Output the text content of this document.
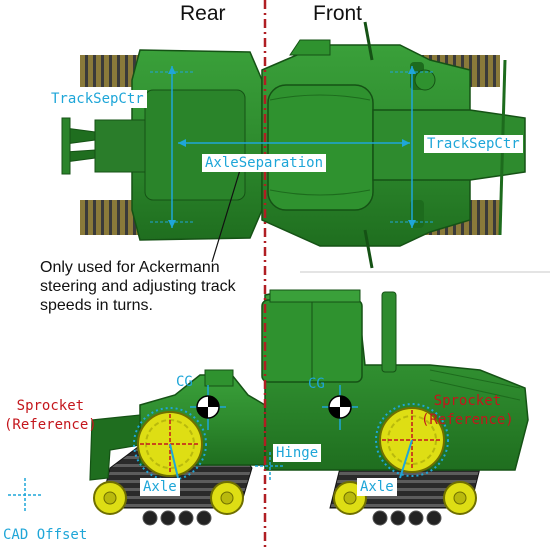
Rear	Front
TrackSepCtr
TrackSepCtr
AxleSeparation
Only used for Ackermann steering and adjusting track speeds in turns.
CG	CG
Sprocket
(Reference)
Sprocket
(Reference)
Hinge
Axle	Axle
CAD Offset
